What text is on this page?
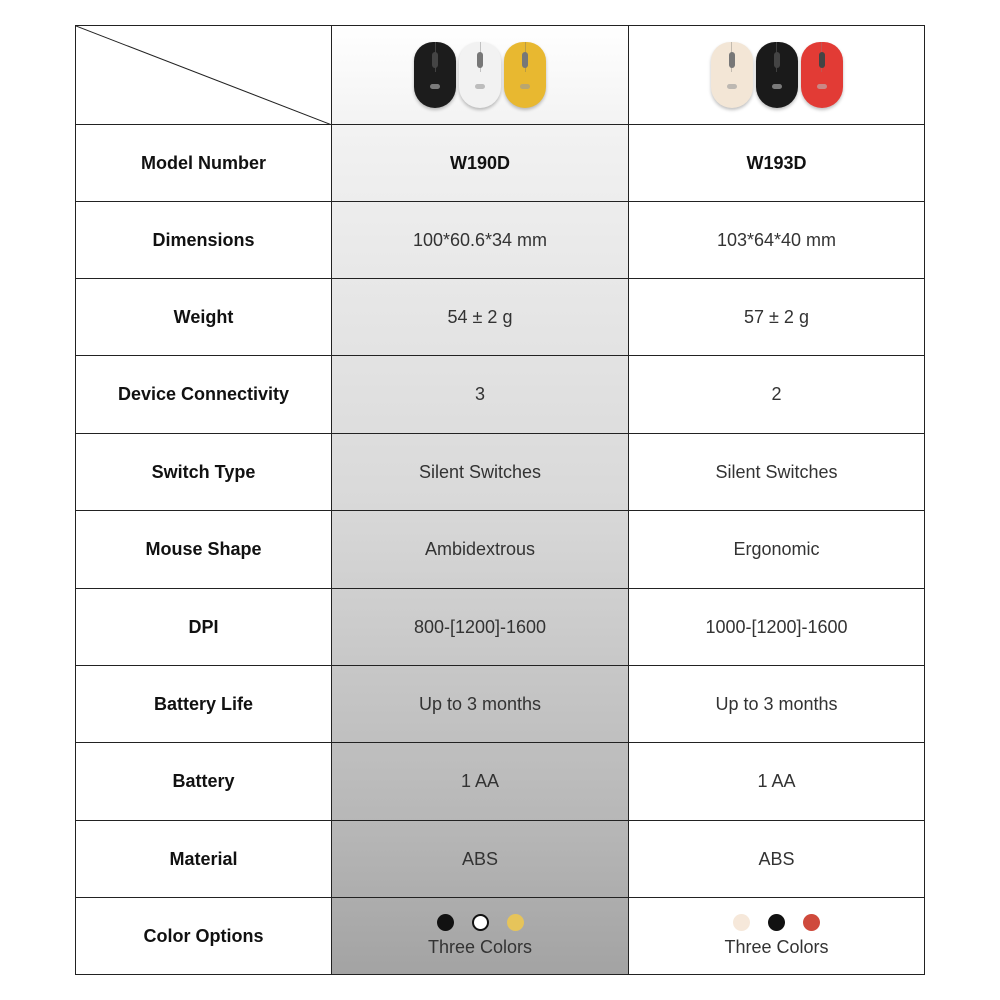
Model Number
Dimensions
Weight
Device Connectivity
Switch Type
Mouse Shape
DPI
Battery Life
Battery
Material
Color Options
W190D
100*60.6*34 mm
54 ± 2 g
3
Silent Switches
Ambidextrous
800-[1200]-1600
Up to 3 months
1 AA
ABS
Three Colors
W193D
103*64*40 mm
57 ± 2 g
2
Silent Switches
Ergonomic
1000-[1200]-1600
Up to 3 months
1 AA
ABS
Three Colors
